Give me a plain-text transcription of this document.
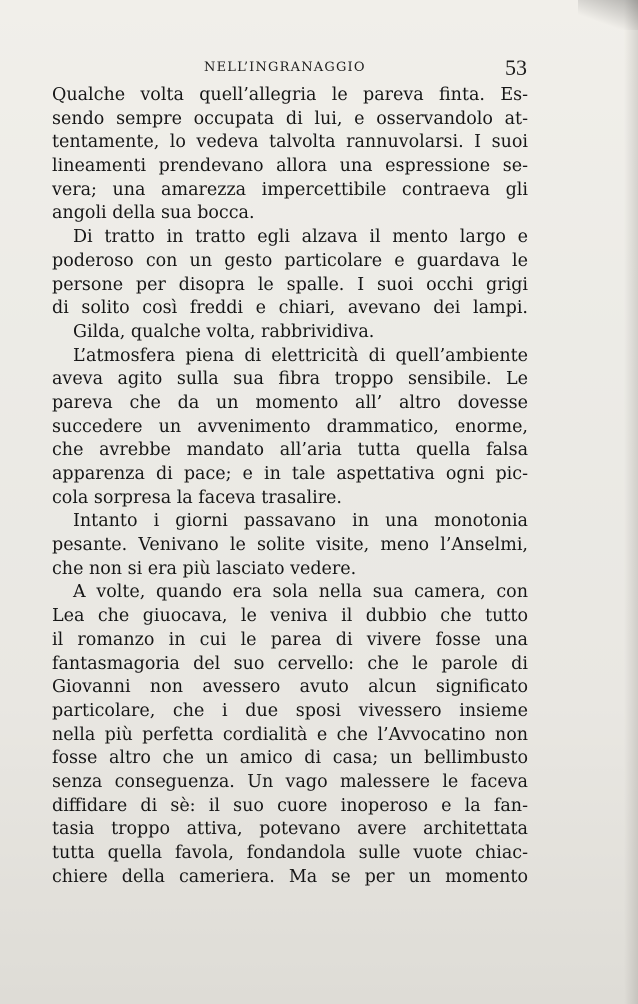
NELL’INGRANAGGIO	53
Qualche volta quell’allegria le pareva finta. Es-
sendo sempre occupata di lui, e osservandolo at-
tentamente, lo vedeva talvolta rannuvolarsi. I suoi
lineamenti prendevano allora una espressione se-
vera; una amarezza impercettibile contraeva gli
angoli della sua bocca.
Di tratto in tratto egli alzava il mento largo e
poderoso con un gesto particolare e guardava le
persone per disopra le spalle. I suoi occhi grigi
di solito così freddi e chiari, avevano dei lampi.
Gilda, qualche volta, rabbrividiva.
L’atmosfera piena di elettricità di quell’ambiente
aveva agito sulla sua fibra troppo sensibile. Le
pareva che da un momento all’ altro dovesse
succedere un avvenimento drammatico, enorme,
che avrebbe mandato all’aria tutta quella falsa
apparenza di pace; e in tale aspettativa ogni pic-
cola sorpresa la faceva trasalire.
Intanto i giorni passavano in una monotonia
pesante. Venivano le solite visite, meno l’Anselmi,
che non si era più lasciato vedere.
A volte, quando era sola nella sua camera, con
Lea che giuocava, le veniva il dubbio che tutto
il romanzo in cui le parea di vivere fosse una
fantasmagoria del suo cervello: che le parole di
Giovanni non avessero avuto alcun significato
particolare, che i due sposi vivessero insieme
nella più perfetta cordialità e che l’Avvocatino non
fosse altro che un amico di casa; un bellimbusto
senza conseguenza. Un vago malessere le faceva
diffidare di sè: il suo cuore inoperoso e la fan-
tasia troppo attiva, potevano avere architettata
tutta quella favola, fondandola sulle vuote chiac-
chiere della cameriera. Ma se per un momento
